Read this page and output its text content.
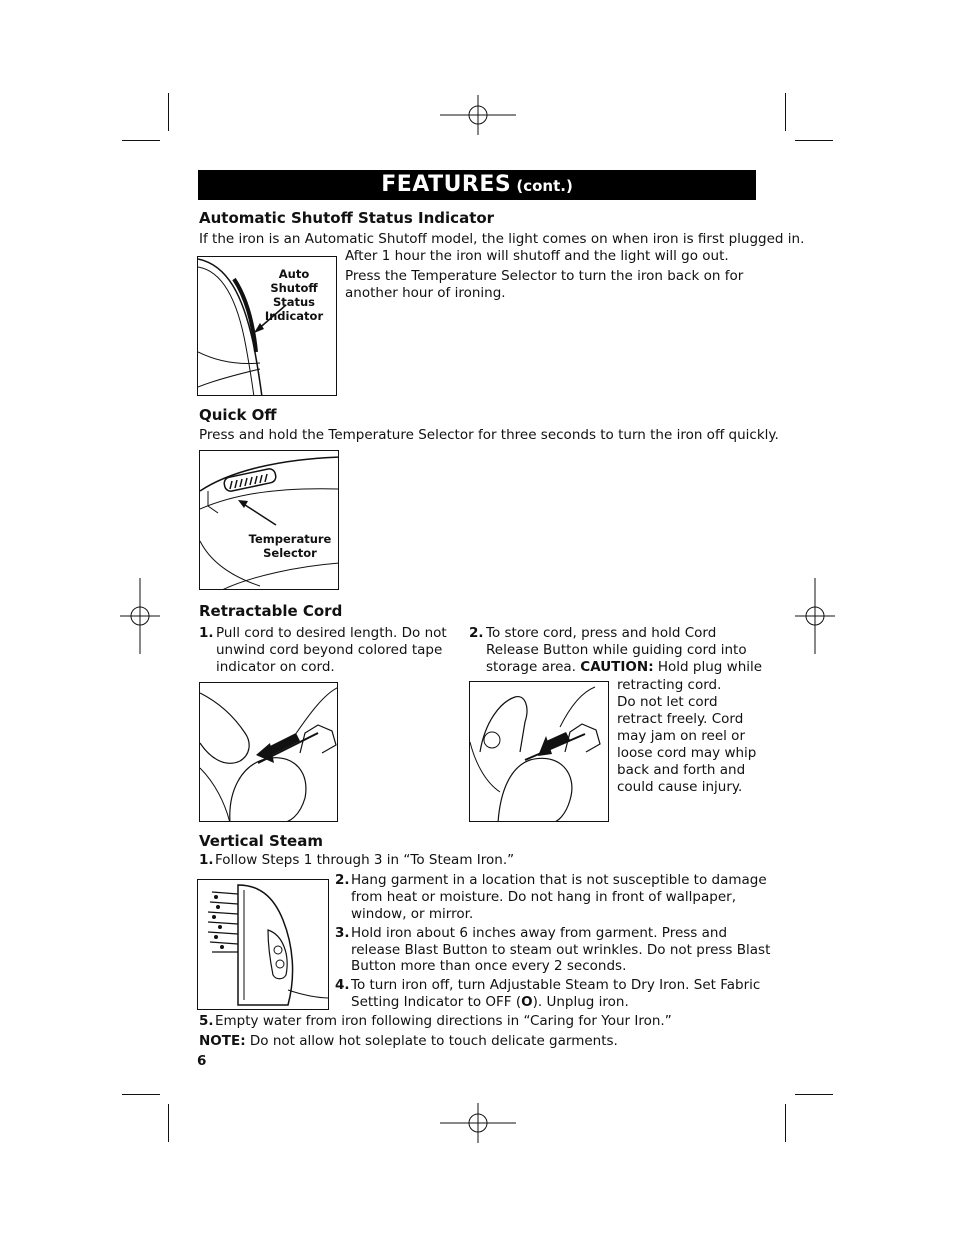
FEATURES (cont.)
Automatic Shutoff Status Indicator
If the iron is an Automatic Shutoff model, the light comes on when iron is first plugged in.
After 1 hour the iron will shutoff and the light will go out.
Press the Temperature Selector to turn the iron back on for
another hour of ironing.
Auto Shutoff
Status
Indicator
Quick Off
Press and hold the Temperature Selector for three seconds to turn the iron off quickly.
Temperature
Selector
Retractable Cord
1. Pull cord to desired length. Do not
unwind cord beyond colored tape
indicator on cord.
2. To store cord, press and hold Cord
Release Button while guiding cord into
storage area. CAUTION: Hold plug while
retracting cord.
Do not let cord
retract freely. Cord
may jam on reel or
loose cord may whip
back and forth and
could cause injury.
Vertical Steam
1. Follow Steps 1 through 3 in “To Steam Iron.”
2. Hang garment in a location that is not susceptible to damage
from heat or moisture. Do not hang in front of wallpaper,
window, or mirror.
3. Hold iron about 6 inches away from garment. Press and
release Blast Button to steam out wrinkles. Do not press Blast
Button more than once every 2 seconds.
4. To turn iron off, turn Adjustable Steam to Dry Iron. Set Fabric
Setting Indicator to OFF (O). Unplug iron.
5. Empty water from iron following directions in “Caring for Your Iron.”
NOTE: Do not allow hot soleplate to touch delicate garments.
6
